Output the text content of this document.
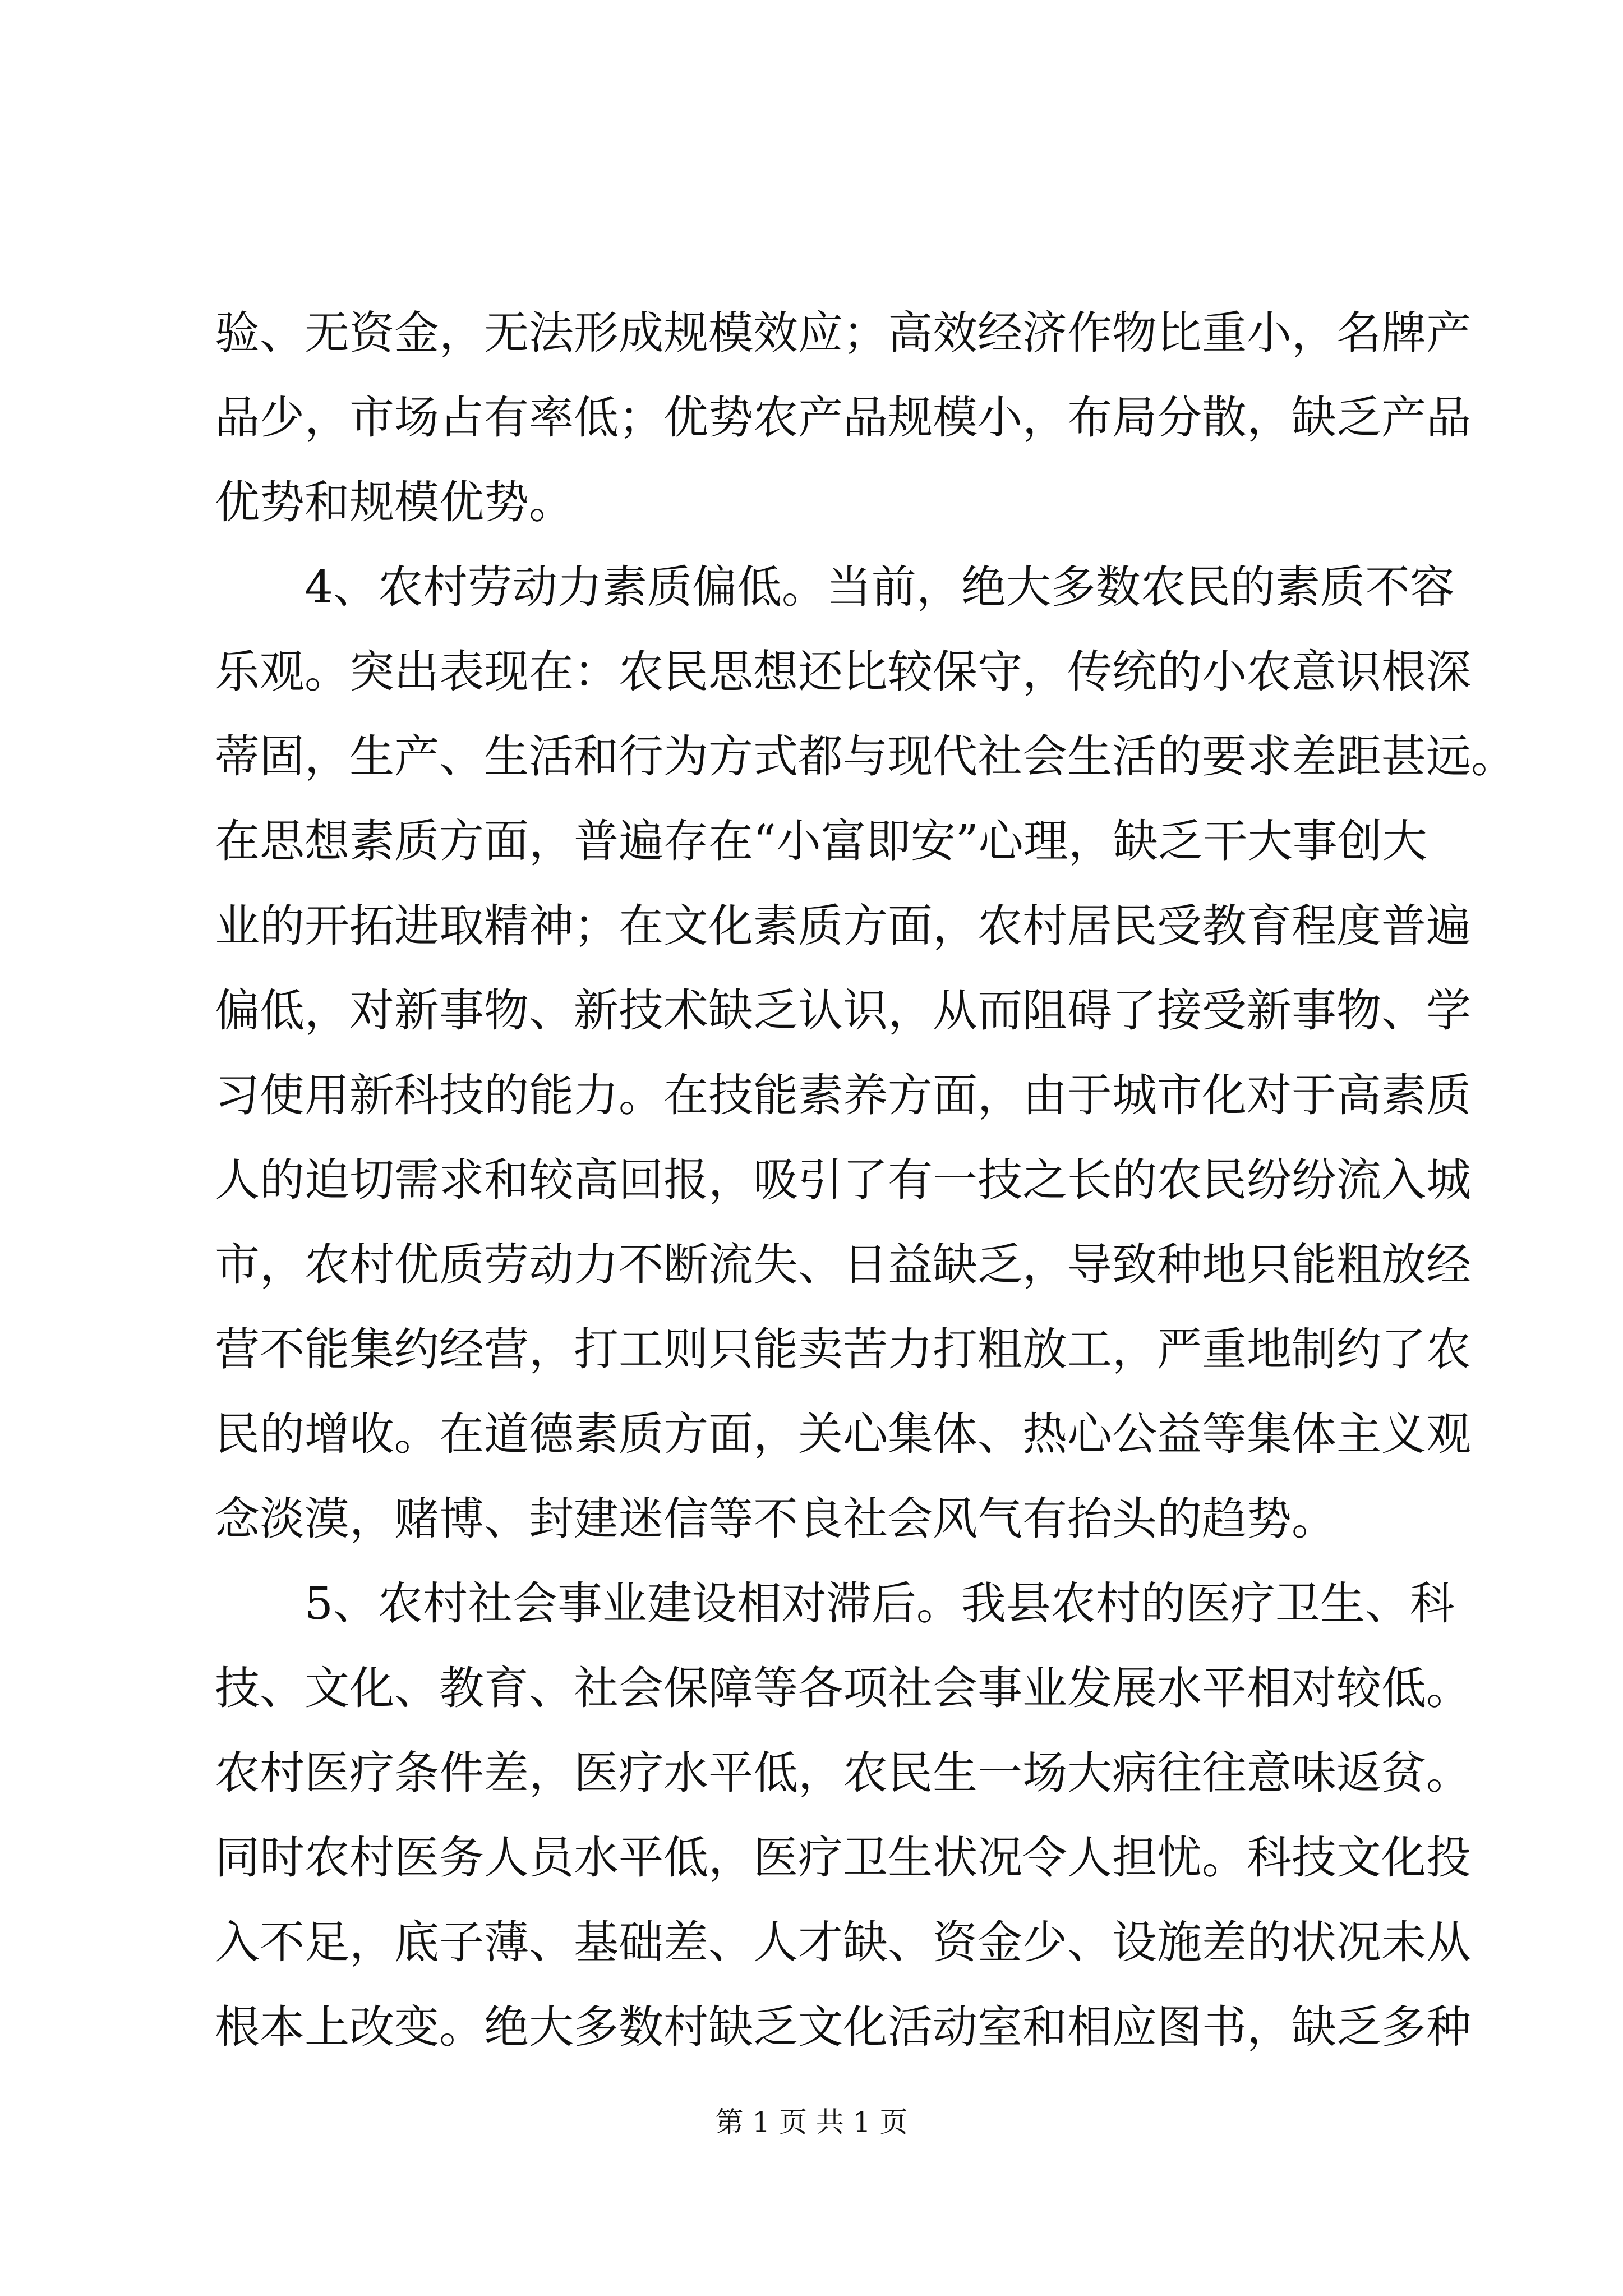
验、无资金，无法形成规模效应；高效经济作物比重小，名牌产
品少，市场占有率低；优势农产品规模小，布局分散，缺乏产品
优势和规模优势。
　　4、农村劳动力素质偏低。当前，绝大多数农民的素质不容
乐观。突出表现在：农民思想还比较保守，传统的小农意识根深
蒂固，生产、生活和行为方式都与现代社会生活的要求差距甚远。
在思想素质方面，普遍存在“小富即安”心理，缺乏干大事创大
业的开拓进取精神；在文化素质方面，农村居民受教育程度普遍
偏低，对新事物、新技术缺乏认识，从而阻碍了接受新事物、学
习使用新科技的能力。在技能素养方面，由于城市化对于高素质
人的迫切需求和较高回报，吸引了有一技之长的农民纷纷流入城
市，农村优质劳动力不断流失、日益缺乏，导致种地只能粗放经
营不能集约经营，打工则只能卖苦力打粗放工，严重地制约了农
民的增收。在道德素质方面，关心集体、热心公益等集体主义观
念淡漠，赌博、封建迷信等不良社会风气有抬头的趋势。
　　5、农村社会事业建设相对滞后。我县农村的医疗卫生、科
技、文化、教育、社会保障等各项社会事业发展水平相对较低。
农村医疗条件差，医疗水平低，农民生一场大病往往意味返贫。
同时农村医务人员水平低，医疗卫生状况令人担忧。科技文化投
入不足，底子薄、基础差、人才缺、资金少、设施差的状况未从
根本上改变。绝大多数村缺乏文化活动室和相应图书，缺乏多种
第 1 页 共 1 页
